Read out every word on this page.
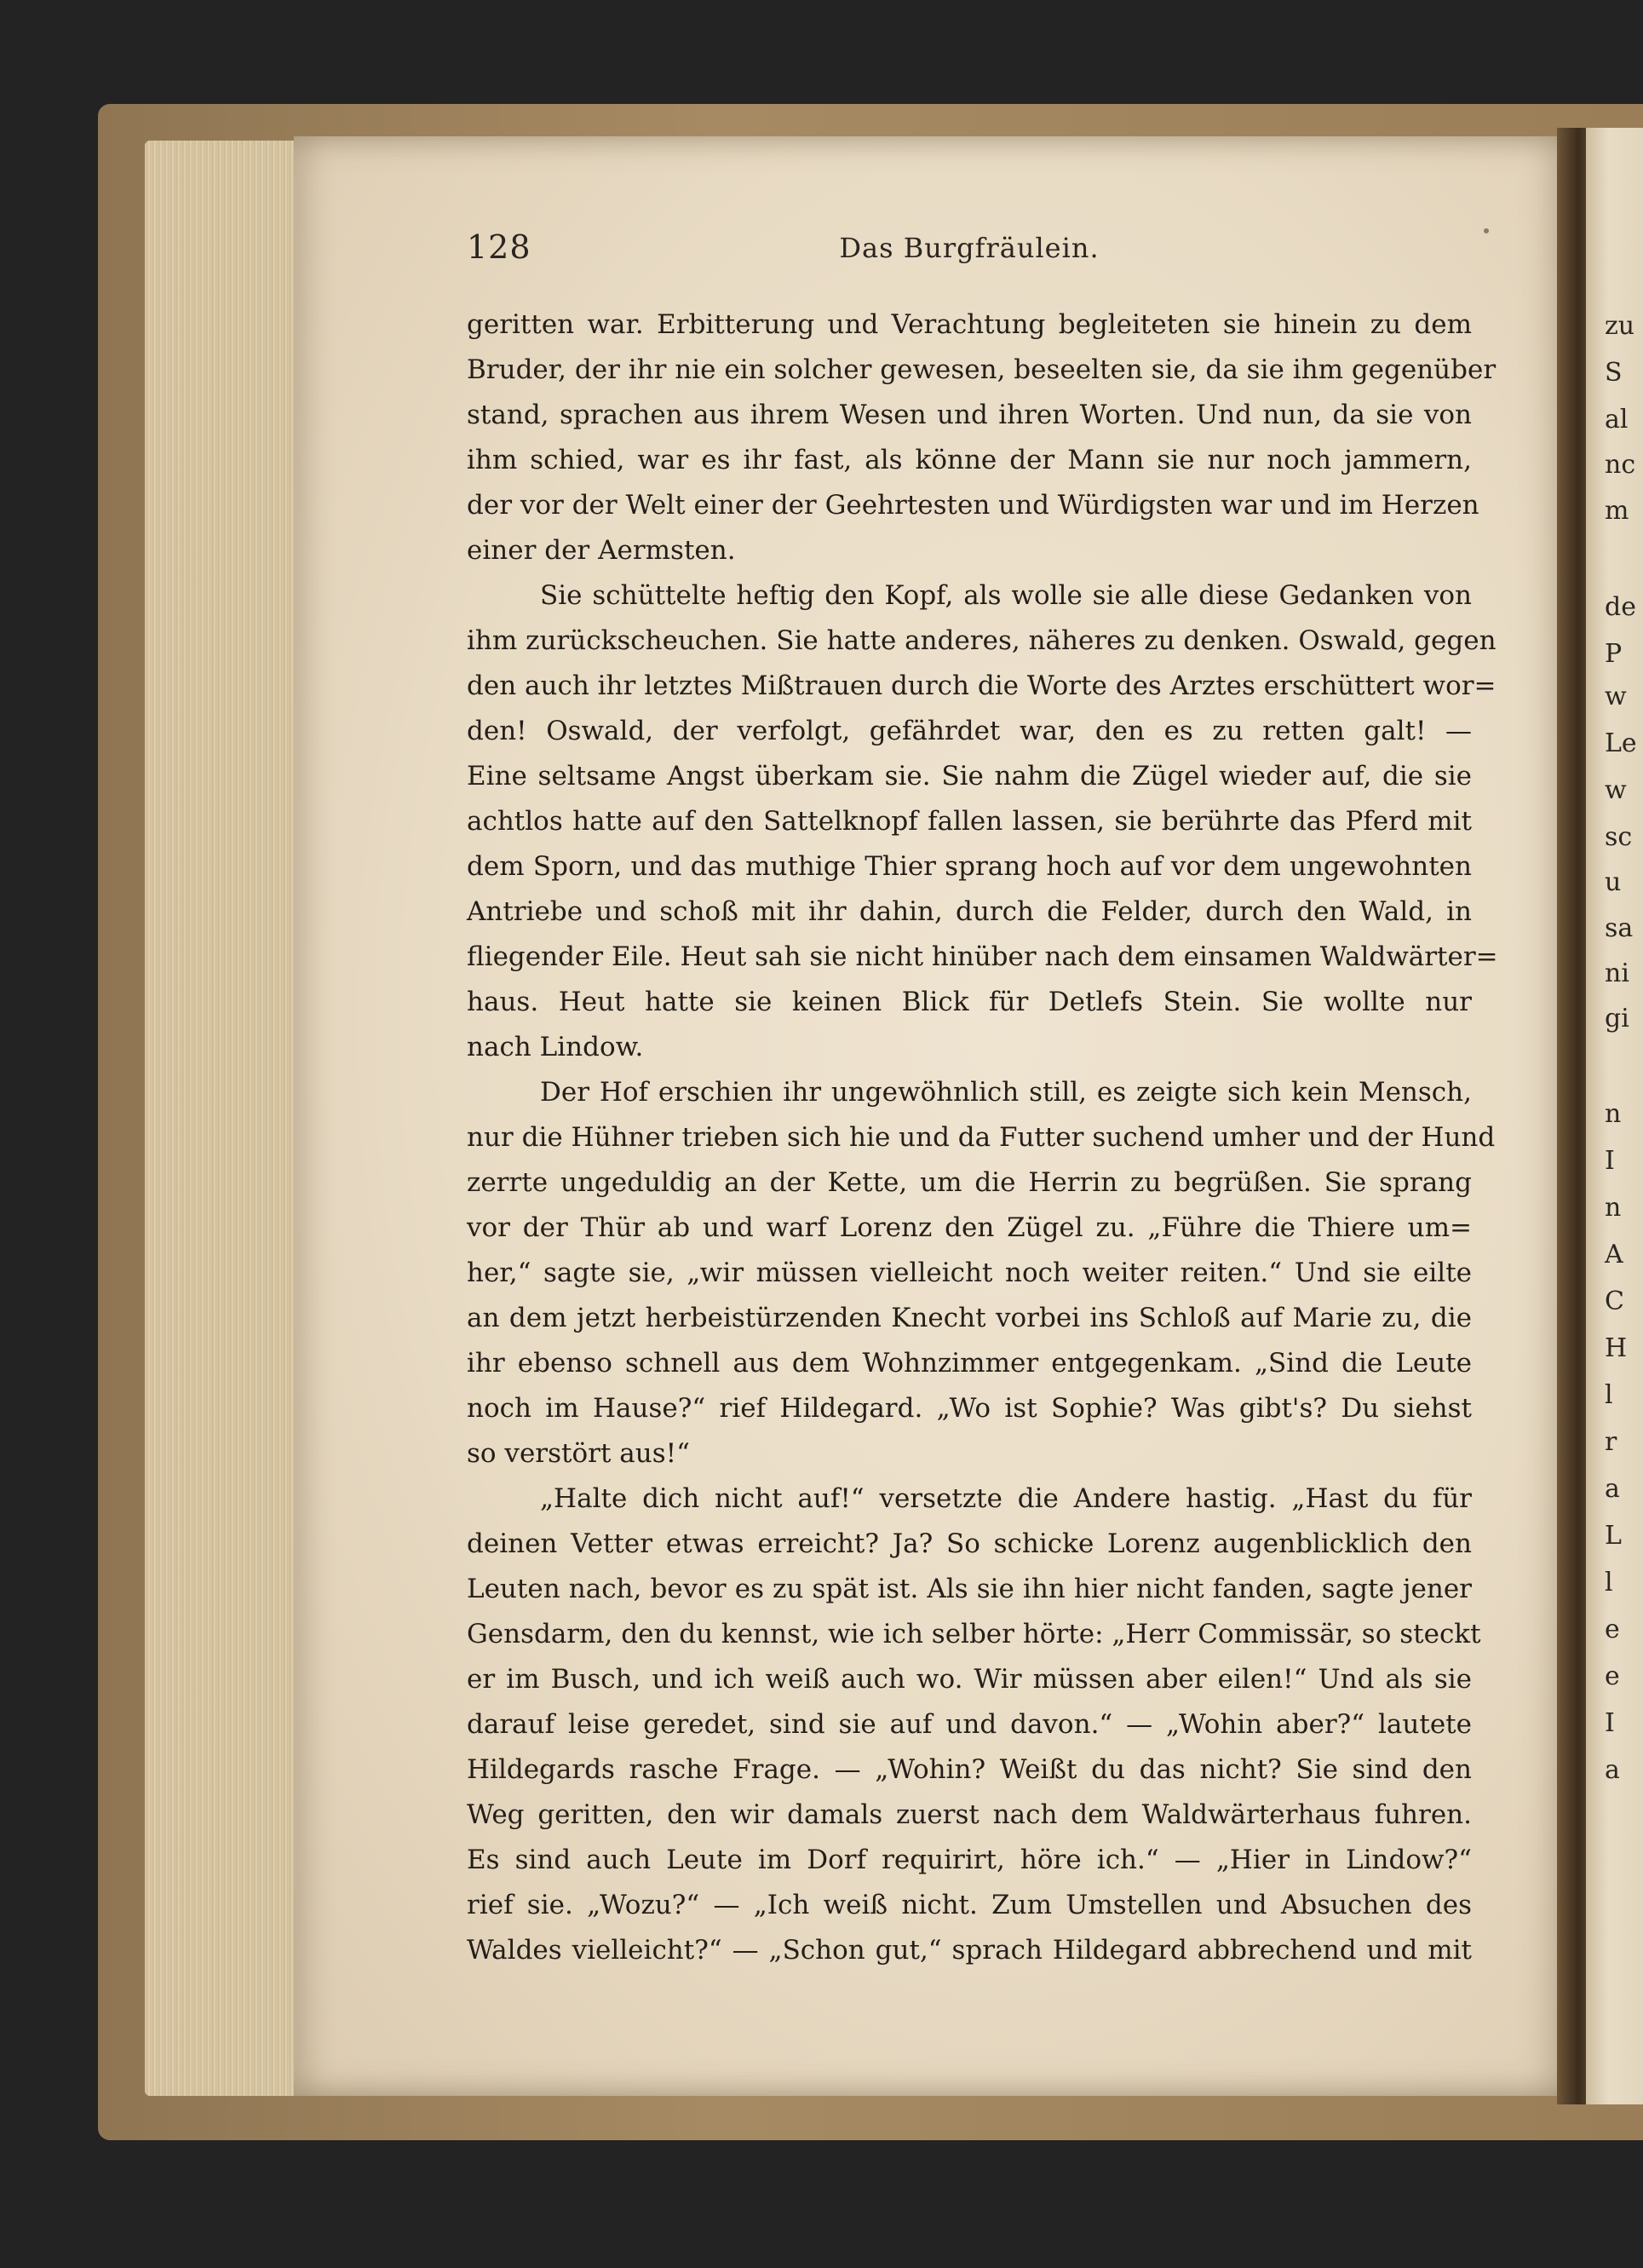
zu
S
al
nc
m
de
P
w
Le
w
sc
u
sa
ni
gi
n
I
n
A
C
H
l
r
a
L
l
e
e
I
a
128	Das Burgfräulein.
geritten war. Erbitterung und Verachtung begleiteten sie hinein zu dem
Bruder, der ihr nie ein solcher gewesen, beseelten sie, da sie ihm gegenüber
stand, sprachen aus ihrem Wesen und ihren Worten. Und nun, da sie von
ihm schied, war es ihr fast, als könne der Mann sie nur noch jammern,
der vor der Welt einer der Geehrtesten und Würdigsten war und im Herzen
einer der Aermsten.
Sie schüttelte heftig den Kopf, als wolle sie alle diese Gedanken von
ihm zurückscheuchen. Sie hatte anderes, näheres zu denken. Oswald, gegen
den auch ihr letztes Mißtrauen durch die Worte des Arztes erschüttert wor=
den! Oswald, der verfolgt, gefährdet war, den es zu retten galt! —
Eine seltsame Angst überkam sie. Sie nahm die Zügel wieder auf, die sie
achtlos hatte auf den Sattelknopf fallen lassen, sie berührte das Pferd mit
dem Sporn, und das muthige Thier sprang hoch auf vor dem ungewohnten
Antriebe und schoß mit ihr dahin, durch die Felder, durch den Wald, in
fliegender Eile. Heut sah sie nicht hinüber nach dem einsamen Waldwärter=
haus. Heut hatte sie keinen Blick für Detlefs Stein. Sie wollte nur
nach Lindow.
Der Hof erschien ihr ungewöhnlich still, es zeigte sich kein Mensch,
nur die Hühner trieben sich hie und da Futter suchend umher und der Hund
zerrte ungeduldig an der Kette, um die Herrin zu begrüßen. Sie sprang
vor der Thür ab und warf Lorenz den Zügel zu. „Führe die Thiere um=
her,“ sagte sie, „wir müssen vielleicht noch weiter reiten.“ Und sie eilte
an dem jetzt herbeistürzenden Knecht vorbei ins Schloß auf Marie zu, die
ihr ebenso schnell aus dem Wohnzimmer entgegenkam. „Sind die Leute
noch im Hause?“ rief Hildegard. „Wo ist Sophie? Was gibt's? Du siehst
so verstört aus!“
„Halte dich nicht auf!“ versetzte die Andere hastig. „Hast du für
deinen Vetter etwas erreicht? Ja? So schicke Lorenz augenblicklich den
Leuten nach, bevor es zu spät ist. Als sie ihn hier nicht fanden, sagte jener
Gensdarm, den du kennst, wie ich selber hörte: „Herr Commissär, so steckt
er im Busch, und ich weiß auch wo. Wir müssen aber eilen!“ Und als sie
darauf leise geredet, sind sie auf und davon.“ — „Wohin aber?“ lautete
Hildegards rasche Frage. — „Wohin? Weißt du das nicht? Sie sind den
Weg geritten, den wir damals zuerst nach dem Waldwärterhaus fuhren.
Es sind auch Leute im Dorf requirirt, höre ich.“ — „Hier in Lindow?“
rief sie. „Wozu?“ — „Ich weiß nicht. Zum Umstellen und Absuchen des
Waldes vielleicht?“ — „Schon gut,“ sprach Hildegard abbrechend und mit
